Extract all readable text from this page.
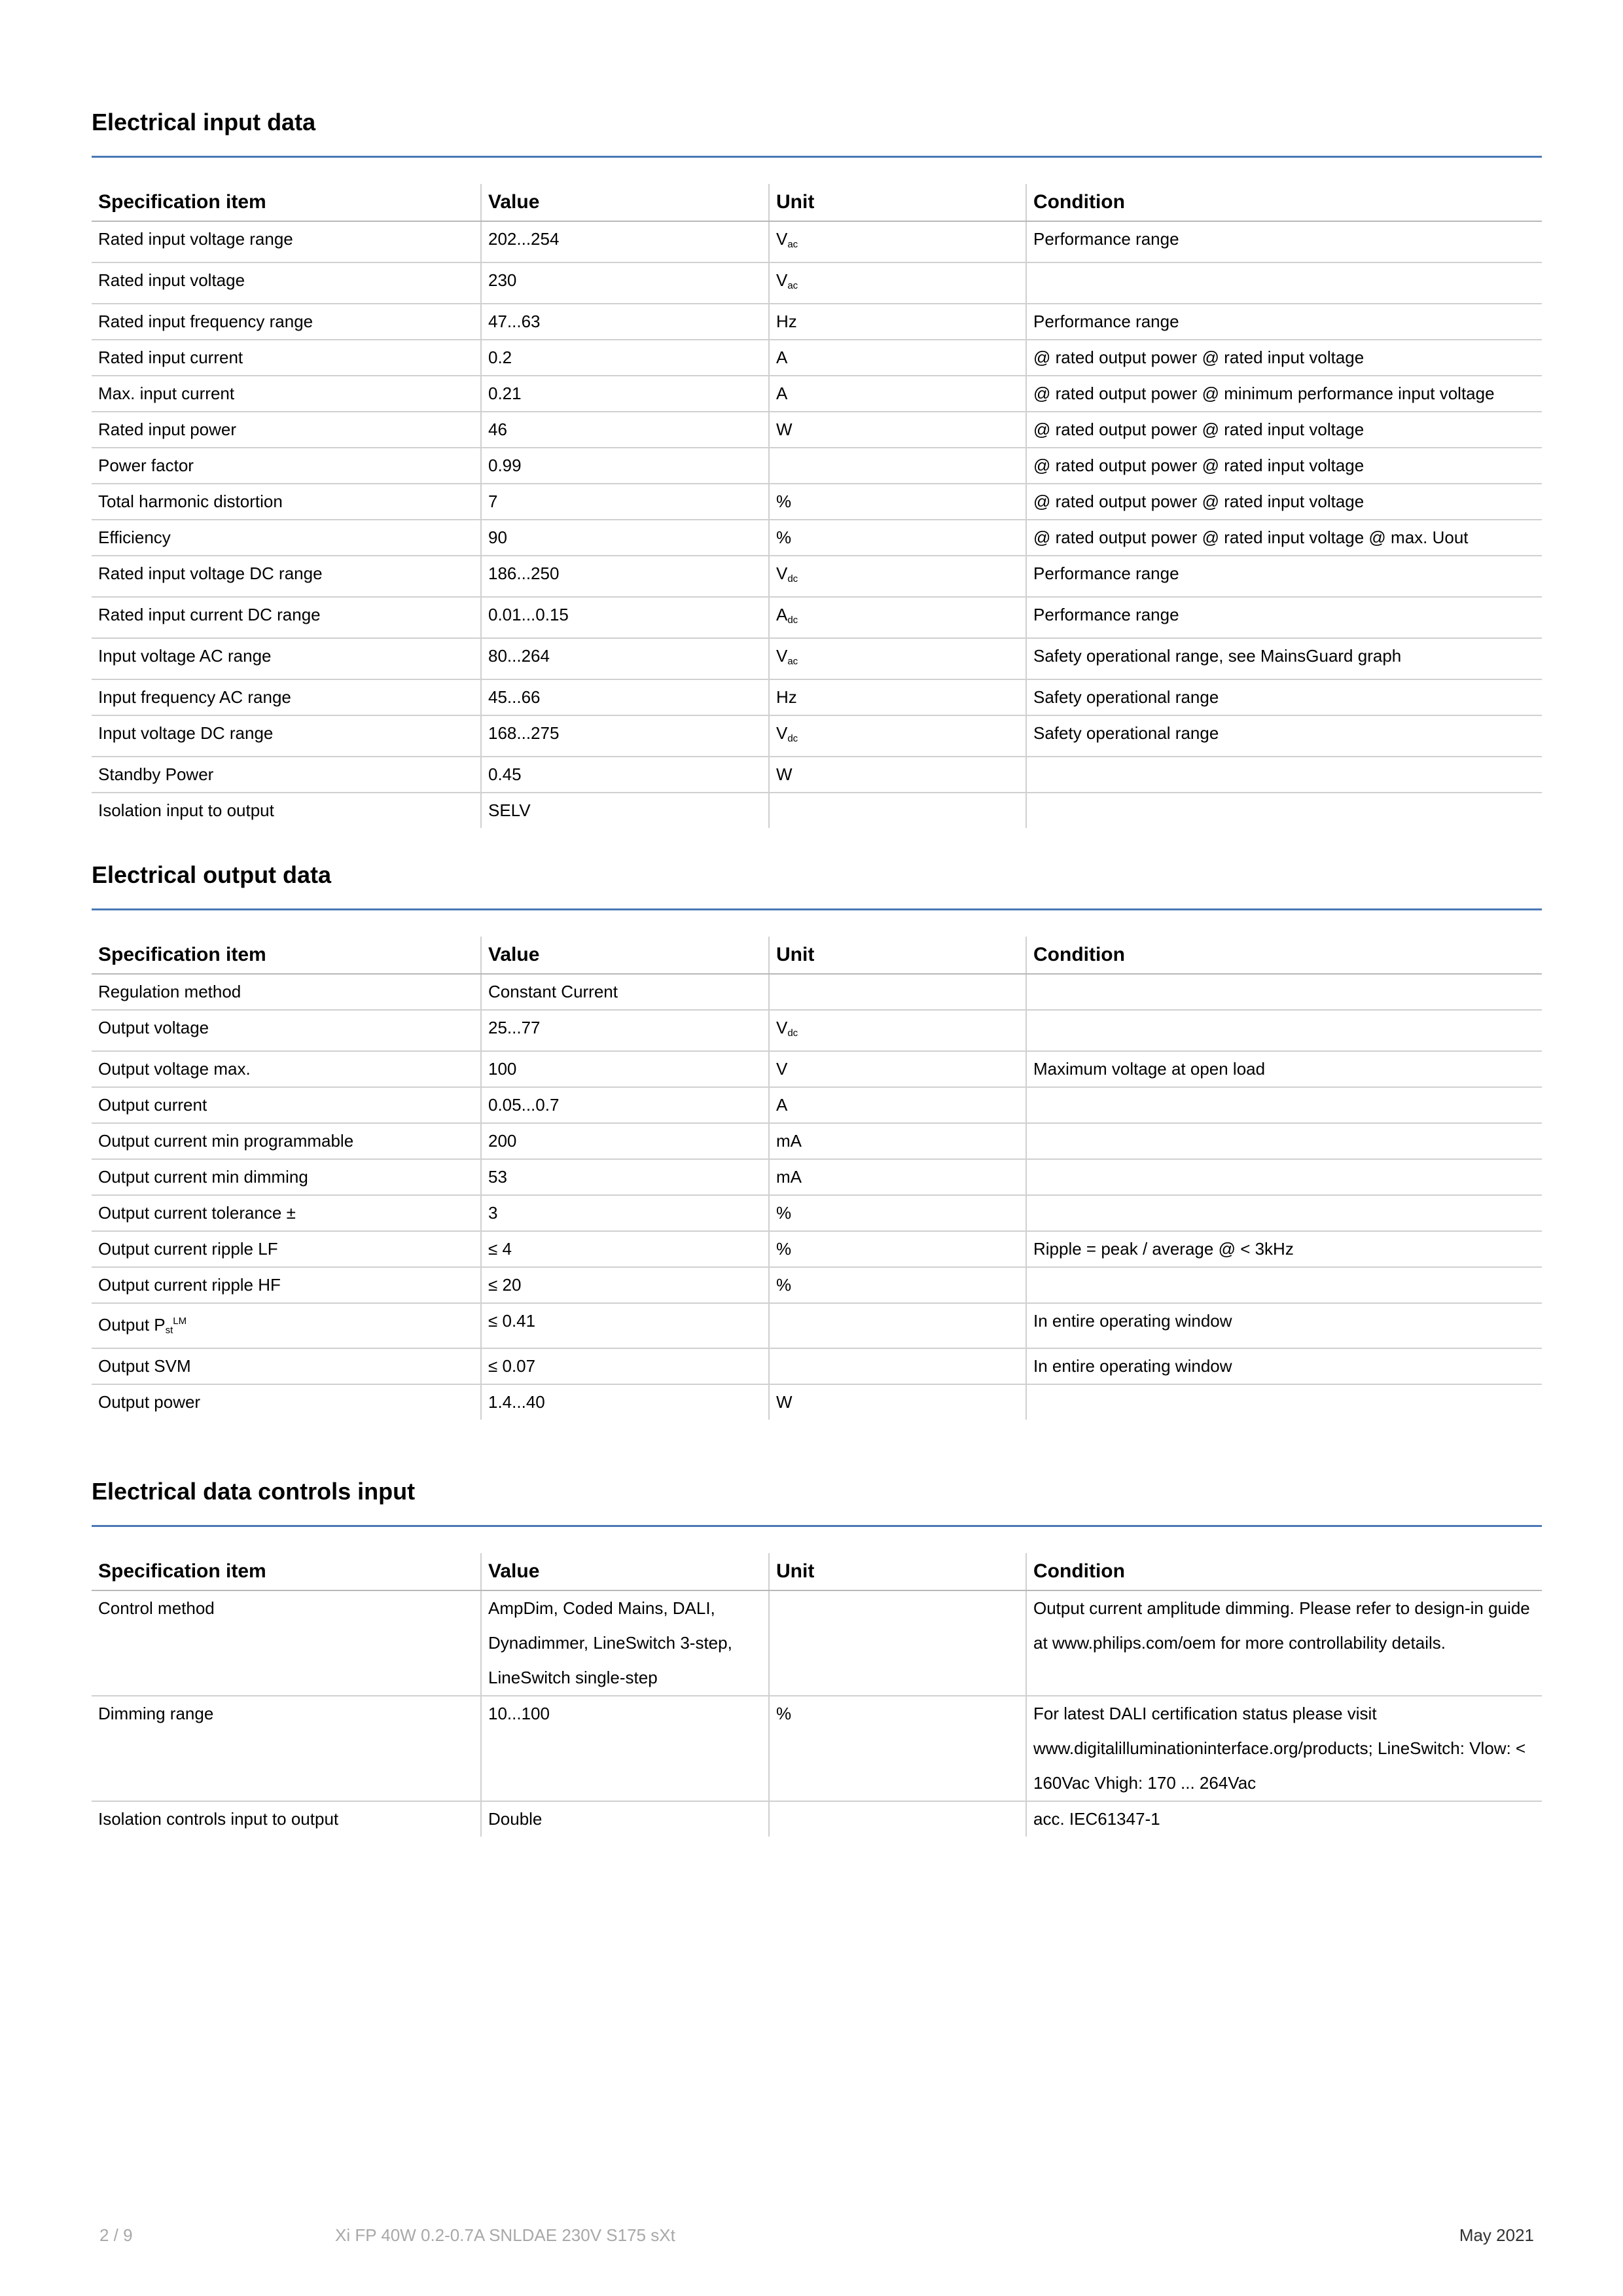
Electrical input data
Specification item	Value	Unit	Condition
Rated input voltage range	202...254	$V_{ac}$	Performance range
Rated input voltage	230	$V_{ac}$	
Rated input frequency range	47...63	Hz	Performance range
Rated input current	0.2	A	@ rated output power @ rated input voltage
Max. input current	0.21	A	@ rated output power @ minimum performance input voltage
Rated input power	46	W	@ rated output power @ rated input voltage
Power factor	0.99		@ rated output power @ rated input voltage
Total harmonic distortion	7	%	@ rated output power @ rated input voltage
Efficiency	90	%	@ rated output power @ rated input voltage @ max. Uout
Rated input voltage DC range	186...250	$V_{dc}$	Performance range
Rated input current DC range	0.01...0.15	$A_{dc}$	Performance range
Input voltage AC range	80...264	$V_{ac}$	Safety operational range, see MainsGuard graph
Input frequency AC range	45...66	Hz	Safety operational range
Input voltage DC range	168...275	$V_{dc}$	Safety operational range
Standby Power	0.45	W	
Isolation input to output	SELV		
Electrical output data
Specification item	Value	Unit	Condition
Regulation method	Constant Current		
Output voltage	25...77	$V_{dc}$	
Output voltage max.	100	V	Maximum voltage at open load
Output current	0.05...0.7	A	
Output current min programmable	200	mA	
Output current min dimming	53	mA	
Output current tolerance ±	3	%	
Output current ripple LF	≤ 4	%	Ripple = peak / average @ < 3kHz
Output current ripple HF	≤ 20	%	
Output $P_{st}^{LM}$	≤ 0.41		In entire operating window
Output SVM	≤ 0.07		In entire operating window
Output power	1.4...40	W	
Electrical data controls input
Specification item	Value	Unit	Condition
Control method	AmpDim, Coded Mains, DALI, Dynadimmer, LineSwitch 3-step, LineSwitch single-step		Output current amplitude dimming. Please refer to design-in guide at www.philips.com/oem for more controllability details.
Dimming range	10...100	%	For latest DALI certification status please visit www.digitalilluminationinterface.org/products; LineSwitch: Vlow: < 160Vac Vhigh: 170 ... 264Vac
Isolation controls input to output	Double		acc. IEC61347-1
2 / 9	Xi FP 40W 0.2-0.7A SNLDAE 230V S175 sXt	May 2021
